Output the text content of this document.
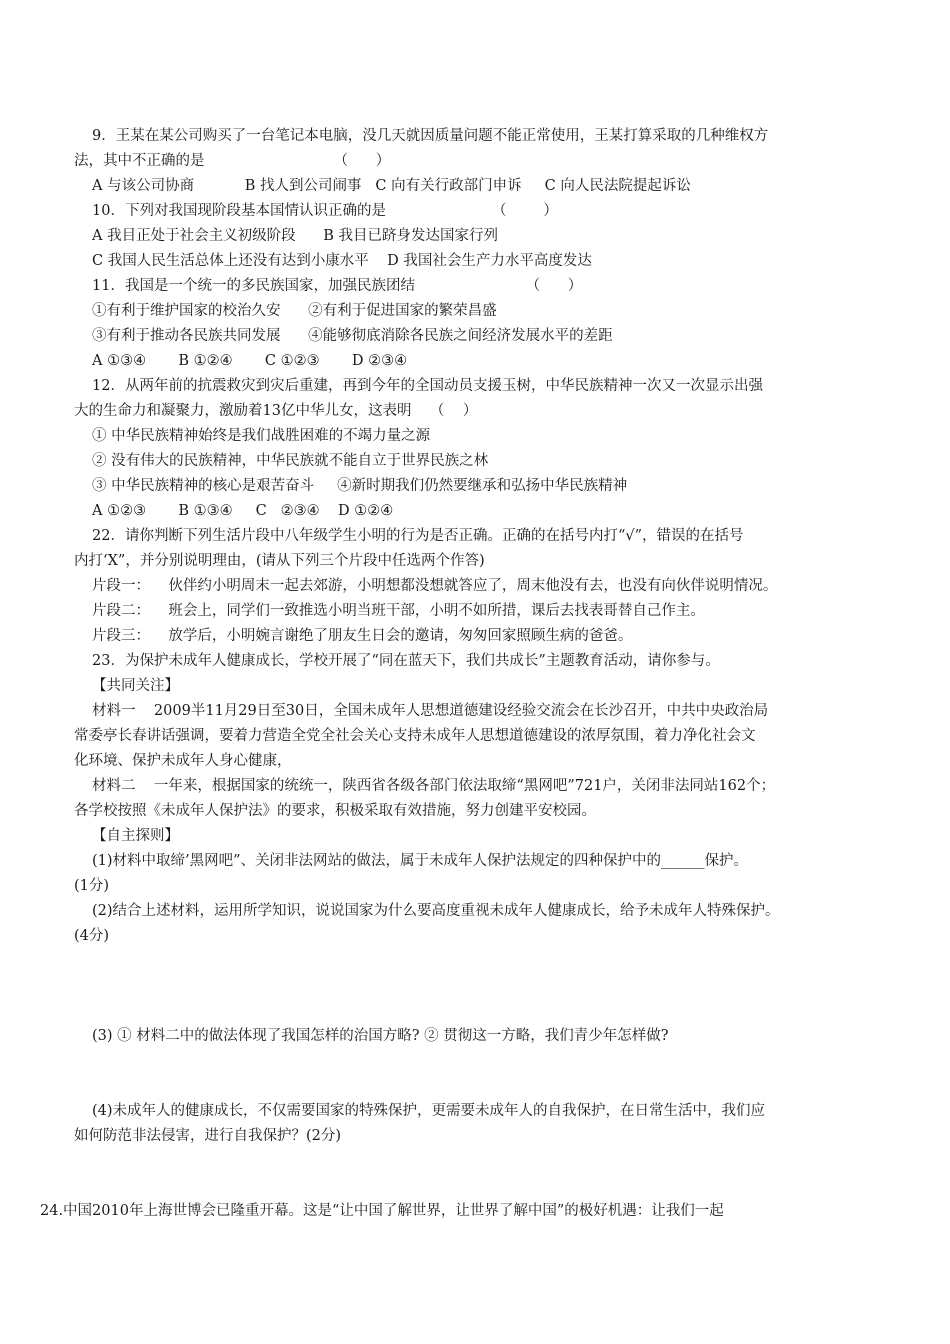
9．王某在某公司购买了一台笔记本电脑，没几天就因质量问题不能正常使用，王某打算采取的几种维权方
法，其中不正确的是                            （      ）
A 与该公司协商           B 找人到公司闹事   C 向有关行政部门申诉     C 向人民法院提起诉讼
10．下列对我国现阶段基本国情认识正确的是                       （        ）
A 我目正处于社会主义初级阶段      B 我目已跻身发达国家行列
C 我国人民生活总体上还没有达到小康水平    D 我国社会生产力水平高度发达
11．我国是一个统一的多民族国家，加强民族团结                        （      ）
①有利于维护国家的校治久安      ②有利于促进国家的繁荣昌盛
③有利于推动各民族共同发展      ④能够彻底消除各民族之间经济发展水平的差距
A ①③④       B ①②④       C ①②③       D ②③④
12．从两年前的抗震救灾到灾后重建，再到今年的全国动员支援玉树，中华民族精神一次又一次显示出强
大的生命力和凝聚力，激励着13亿中华儿女，这表明    （    ）
① 中华民族精神始终是我们战胜困难的不竭力量之源
② 没有伟大的民族精神，中华民族就不能自立于世界民族之林
③ 中华民族精神的核心是艰苦奋斗     ④新时期我们仍然要继承和弘扬中华民族精神
A ①②③       B ①③④     C   ②③④    D ①②④
22．请你判断下列生活片段中八年级学生小明的行为是否正确。正确的在括号内打“√”，错误的在括号
内打‘X”，并分别说明理由，(请从下列三个片段中任选两个作答)
片段一：    伙伴约小明周末一起去郊游，小明想都没想就答应了，周末他没有去，也没有向伙伴说明情况。
片段二：    班会上，同学们一致推选小明当班干部，小明不如所措，课后去找表哥替自己作主。
片段三：    放学后，小明婉言谢绝了朋友生日会的邀请，匆匆回家照顾生病的爸爸。
23．为保护未成年人健康成长，学校开展了“同在蓝天下，我们共成长”主题教育活动，请你参与。
【共同关注】
材料一    2009半11月29日至30日，全国未成年人思想道德建设经验交流会在长沙召开，中共中央政治局
常委亭长春讲话强调，要着力营造全党全社会关心支持未成年人思想道德建设的浓厚氛围，着力净化社会文
化环境、保护未成年人身心健康，
材料二    一年来，根据国家的统统一，陕西省各级各部门依法取缔“黑网吧”721户，关闭非法同站162个；
各学校按照《未成年人保护法》的要求，积极采取有效措施，努力创建平安校园。
【自主探则】
(1)材料中取缔’黑网吧”、关闭非法网站的做法，属于未成年人保护法规定的四种保护中的______保护。
(1分)
(2)结合上述材料，运用所学知识，说说国家为什么要高度重视未成年人健康成长，给予未成年人特殊保护。
(4分)
(3) ① 材料二中的做法体现了我国怎样的治国方略? ② 贯彻这一方略，我们青少年怎样做?
(4)未成年人的健康成长，不仅需要国家的特殊保护，更需要未成年人的自我保护，在日常生活中，我们应
如何防范非法侵害，进行自我保护？(2分)
24.中国2010年上海世博会已隆重开幕。这是“让中国了解世界，让世界了解中国”的极好机遇：让我们一起
